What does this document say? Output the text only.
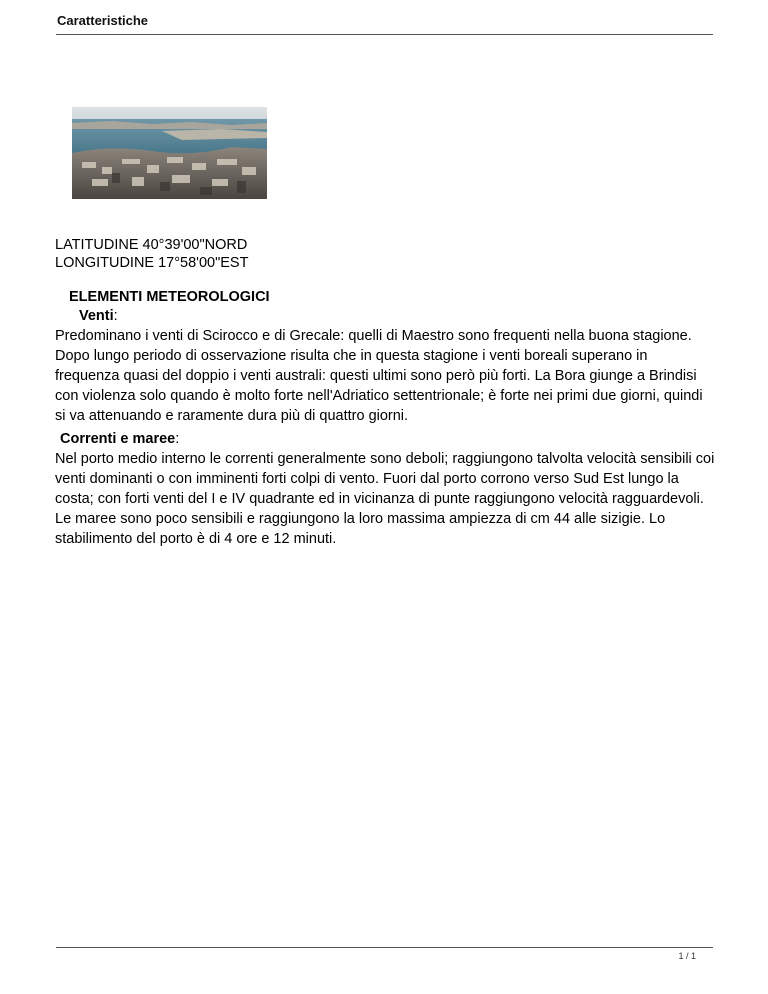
Caratteristiche
LATITUDINE 40°39'00"NORD
LONGITUDINE 17°58'00"EST
ELEMENTI METEOROLOGICI
Venti:

Predominano i venti di Scirocco e di Grecale: quelli di Maestro sono frequenti nella buona stagione. Dopo lungo periodo di osservazione risulta che in questa stagione i venti boreali superano in frequenza quasi del doppio i venti australi: questi ultimi sono però più forti. La Bora giunge a Brindisi con violenza solo quando è molto forte nell'Adriatico settentrionale; è forte nei primi due giorni, quindi si va attenuando e raramente dura più di quattro giorni.

Correnti e maree:

Nel porto medio interno le correnti generalmente sono deboli; raggiungono talvolta velocità sensibili coi venti dominanti o con imminenti forti colpi di vento. Fuori dal porto corrono verso Sud Est lungo la costa; con forti venti del I e IV quadrante ed in vicinanza di punte raggiungono velocità ragguardevoli. Le maree sono poco sensibili e raggiungono la loro massima ampiezza di cm 44 alle sizigie. Lo stabilimento del porto è di 4 ore e 12 minuti.

1 / 1
